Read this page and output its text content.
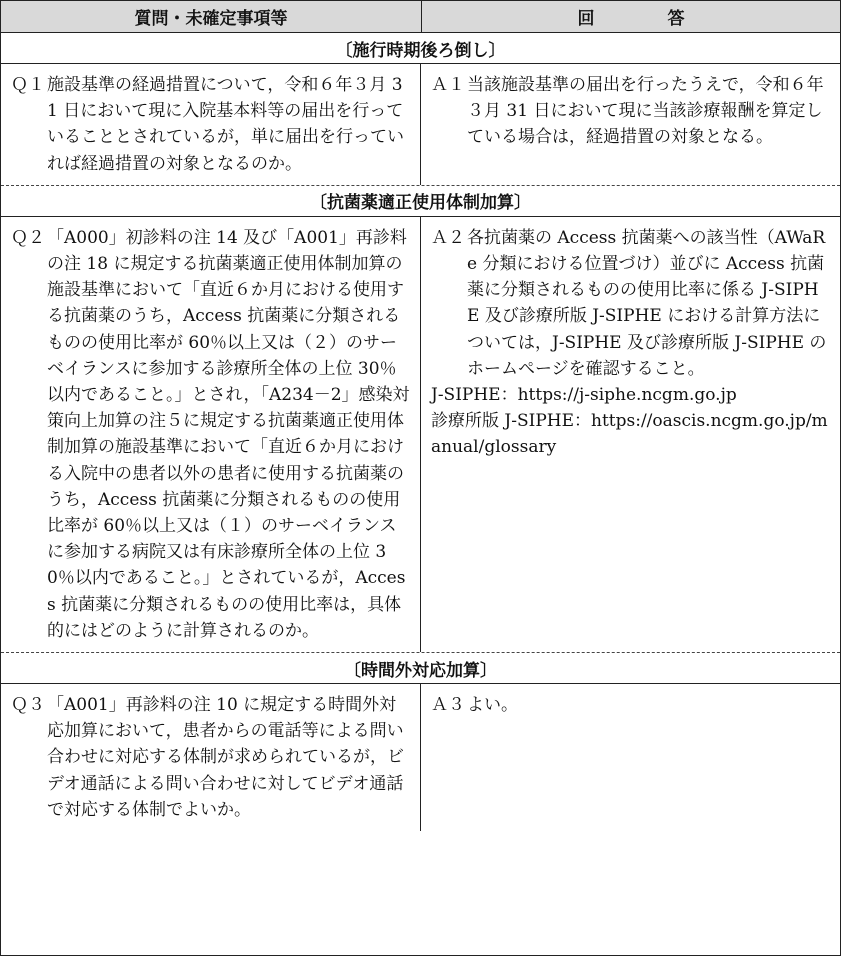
質問・未確定事項等	回　答
〔施行時期後ろ倒し〕
Ｑ１ 施設基準の経過措置について，令和６年３月 31 日において現に入院基本料等の届出を行っていることとされているが，単に届出を行っていれば経過措置の対象となるのか。
Ａ１ 当該施設基準の届出を行ったうえで，令和６年３月 31 日において現に当該診療報酬を算定している場合は，経過措置の対象となる。
〔抗菌薬適正使用体制加算〕
Ｑ２ 「A000」初診料の注 14 及び「A001」再診料の注 18 に規定する抗菌薬適正使用体制加算の施設基準において「直近６か月における使用する抗菌薬のうち，Access 抗菌薬に分類されるものの使用比率が 60％以上又は（２）のサーベイランスに参加する診療所全体の上位 30％以内であること。」とされ，「A234－2」感染対策向上加算の注５に規定する抗菌薬適正使用体制加算の施設基準において「直近６か月における入院中の患者以外の患者に使用する抗菌薬のうち，Access 抗菌薬に分類されるものの使用比率が 60％以上又は（１）のサーベイランスに参加する病院又は有床診療所全体の上位 30％以内であること。」とされているが，Access 抗菌薬に分類されるものの使用比率は，具体的にはどのように計算されるのか。
Ａ２ 各抗菌薬の Access 抗菌薬への該当性（AWaRe 分類における位置づけ）並びに Access 抗菌薬に分類されるものの使用比率に係る J-SIPHE 及び診療所版 J-SIPHE における計算方法については，J-SIPHE 及び診療所版 J-SIPHE のホームページを確認すること。
J-SIPHE：https://j-siphe.ncgm.go.jp
診療所版 J-SIPHE：https://oascis.ncgm.go.jp/manual/glossary
〔時間外対応加算〕
Ｑ３ 「A001」再診料の注 10 に規定する時間外対応加算において，患者からの電話等による問い合わせに対応する体制が求められているが，ビデオ通話による問い合わせに対してビデオ通話で対応する体制でよいか。
Ａ３ よい。
